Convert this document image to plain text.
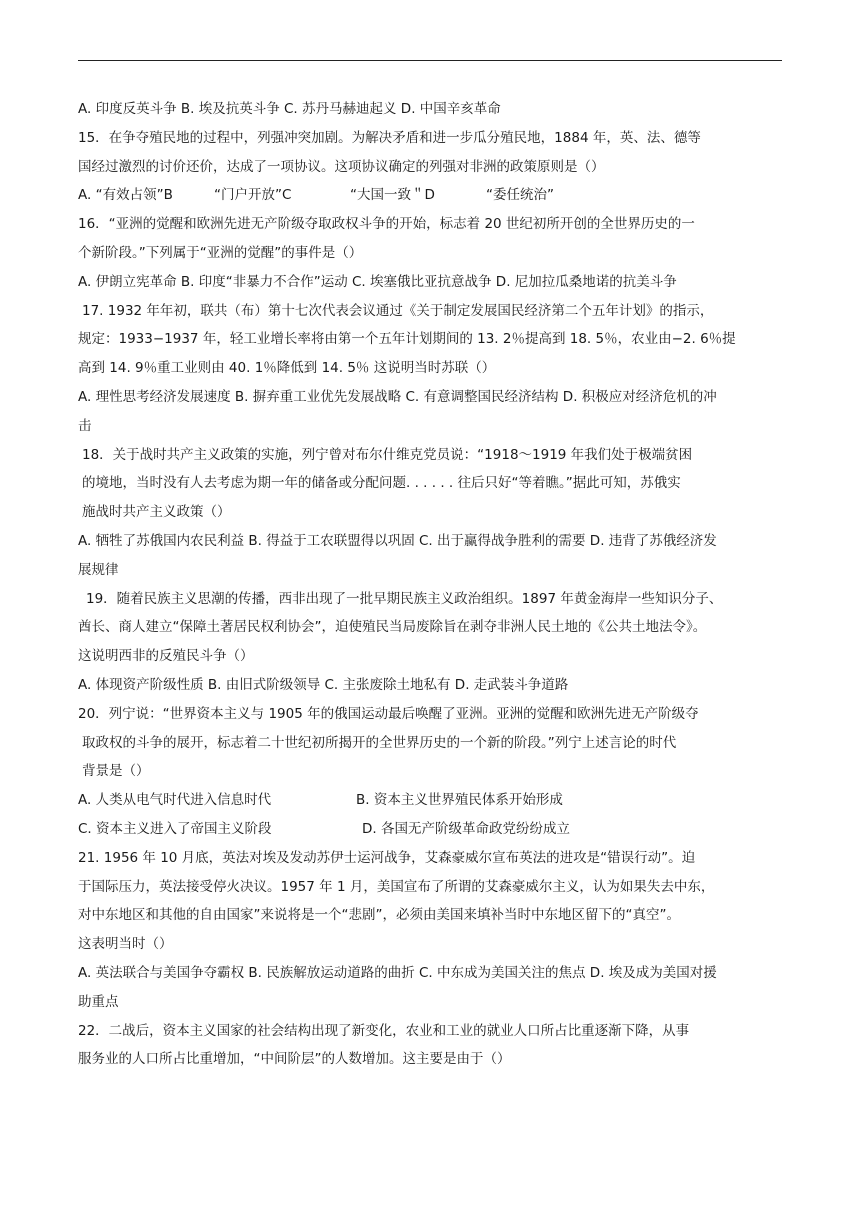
A. 印度反英斗争 B. 埃及抗英斗争 C. 苏丹马赫迪起义 D. 中国辛亥革命
15．在争夺殖民地的过程中，列强冲突加剧。为解决矛盾和进一步瓜分殖民地，1884 年，英、法、德等
国经过激烈的讨价还价，达成了一项协议。这项协议确定的列强对非洲的政策原则是（）
A. “有效占领”B	“门户开放”C	“大国一致＂D	“委任统治”
16．“亚洲的觉醒和欧洲先进无产阶级夺取政权斗争的开始，标志着 20 世纪初所开创的全世界历史的一
个新阶段。”下列属于“亚洲的觉醒”的事件是（）
A. 伊朗立宪革命 B. 印度“非暴力不合作”运动 C. 埃塞俄比亚抗意战争 D. 尼加拉瓜桑地诺的抗美斗争
17. 1932 年年初，联共（布）第十七次代表会议通过《关于制定发展国民经济第二个五年计划》的指示，
规定：1933−1937 年，轻工业增长率将由第一个五年计划期间的 13. 2％提高到 18. 5％，农业由−2. 6％提
高到 14. 9％重工业则由 40. 1％降低到 14. 5％ 这说明当时苏联（）
A. 理性思考经济发展速度 B. 摒弃重工业优先发展战略 C. 有意调整国民经济结构 D. 积极应对经济危机的冲
击
18．关于战时共产主义政策的实施，列宁曾对布尔什维克党员说：“1918～1919 年我们处于极端贫困
的境地，当时没有人去考虑为期一年的储备或分配问题. . . . . . 往后只好“等着瞧。”据此可知，苏俄实
施战时共产主义政策（）
A. 牺牲了苏俄国内农民利益 B. 得益于工农联盟得以巩固 C. 出于赢得战争胜利的需要 D. 违背了苏俄经济发
展规律
19．随着民族主义思潮的传播，西非出现了一批早期民族主义政治组织。1897 年黄金海岸一些知识分子、
酋长、商人建立“保障土著居民权利协会”，迫使殖民当局废除旨在剥夺非洲人民土地的《公共土地法令》。
这说明西非的反殖民斗争（）
A. 体现资产阶级性质 B. 由旧式阶级领导 C. 主张废除土地私有 D. 走武装斗争道路
20．列宁说：“世界资本主义与 1905 年的俄国运动最后唤醒了亚洲。亚洲的觉醒和欧洲先进无产阶级夺
取政权的斗争的展开，标志着二十世纪初所揭开的全世界历史的一个新的阶段。”列宁上述言论的时代
背景是（）
A. 人类从电气时代进入信息时代	B. 资本主义世界殖民体系开始形成
C. 资本主义进入了帝国主义阶段	D. 各国无产阶级革命政党纷纷成立
21. 1956 年 10 月底，英法对埃及发动苏伊士运河战争，艾森豪威尔宣布英法的进攻是“错误行动”。迫
于国际压力，英法接受停火决议。1957 年 1 月，美国宣布了所谓的艾森豪威尔主义，认为如果失去中东，
对中东地区和其他的自由国家”来说将是一个“悲剧”，必须由美国来填补当时中东地区留下的“真空”。
这表明当时（）
A. 英法联合与美国争夺霸权 B. 民族解放运动道路的曲折 C. 中东成为美国关注的焦点 D. 埃及成为美国对援
助重点
22．二战后，资本主义国家的社会结构出现了新变化，农业和工业的就业人口所占比重逐渐下降，从事
服务业的人口所占比重增加，“中间阶层”的人数增加。这主要是由于（）
